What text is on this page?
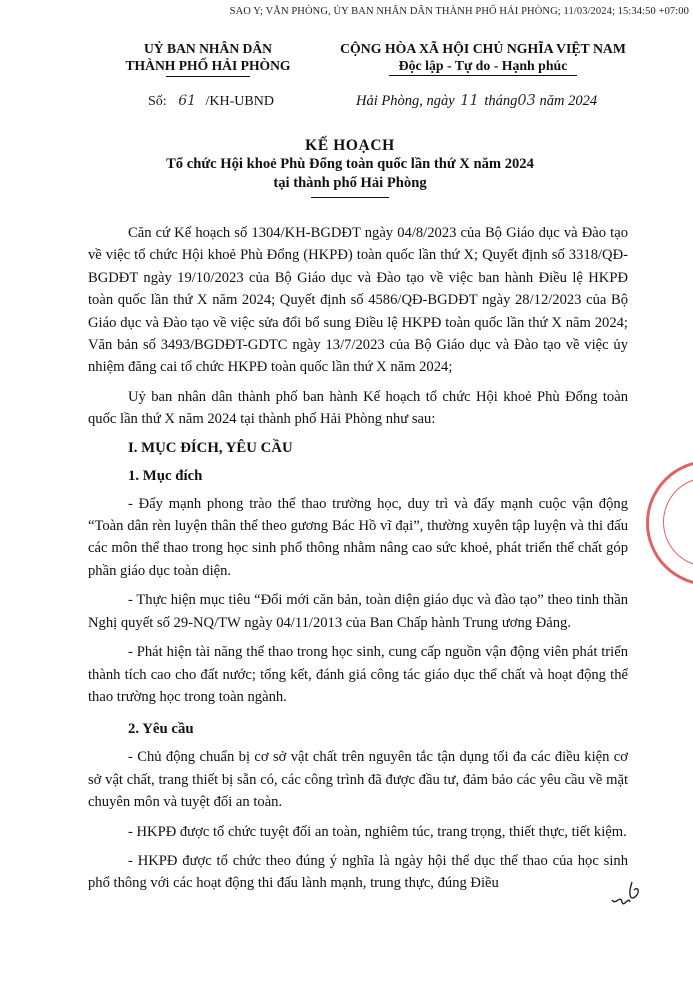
SAO Y; VĂN PHÒNG, ỦY BAN NHÂN DÂN THÀNH PHỐ HẢI PHÒNG; 11/03/2024; 15:34:50 +07:00
UỶ BAN NHÂN DÂN
THÀNH PHỐ HẢI PHÒNG
CỘNG HÒA XÃ HỘI CHỦ NGHĨA VIỆT NAM
Độc lập - Tự do - Hạnh phúc
Số: 61 /KH-UBND	Hải Phòng, ngày 11 tháng03 năm 2024
KẾ HOẠCH
Tổ chức Hội khoẻ Phù Đổng toàn quốc lần thứ X năm 2024
tại thành phố Hải Phòng

Căn cứ Kế hoạch số 1304/KH-BGDĐT ngày 04/8/2023 của Bộ Giáo dục và Đào tạo về việc tổ chức Hội khoẻ Phù Đổng (HKPĐ) toàn quốc lần thứ X; Quyết định số 3318/QĐ-BGDĐT ngày 19/10/2023 của Bộ Giáo dục và Đào tạo về việc ban hành Điều lệ HKPĐ toàn quốc lần thứ X năm 2024; Quyết định số 4586/QĐ-BGDĐT ngày 28/12/2023 của Bộ Giáo dục và Đào tạo về việc sửa đổi bổ sung Điều lệ HKPĐ toàn quốc lần thứ X năm 2024; Văn bản số 3493/BGDĐT-GDTC ngày 13/7/2023 của Bộ Giáo dục và Đào tạo về việc ủy nhiệm đăng cai tổ chức HKPĐ toàn quốc lần thứ X năm 2024;

Uỷ ban nhân dân thành phố ban hành Kế hoạch tổ chức Hội khoẻ Phù Đổng toàn quốc lần thứ X năm 2024 tại thành phố Hải Phòng như sau:

I. MỤC ĐÍCH, YÊU CẦU
1. Mục đích

- Đẩy mạnh phong trào thể thao trường học, duy trì và đẩy mạnh cuộc vận động “Toàn dân rèn luyện thân thể theo gương Bác Hồ vĩ đại”, thường xuyên tập luyện và thi đấu các môn thể thao trong học sinh phổ thông nhằm nâng cao sức khoẻ, phát triển thể chất góp phần giáo dục toàn diện.

- Thực hiện mục tiêu “Đổi mới căn bản, toàn diện giáo dục và đào tạo” theo tinh thần Nghị quyết số 29-NQ/TW ngày 04/11/2013 của Ban Chấp hành Trung ương Đảng.

- Phát hiện tài năng thể thao trong học sinh, cung cấp nguồn vận động viên phát triển thành tích cao cho đất nước; tổng kết, đánh giá công tác giáo dục thể chất và hoạt động thể thao trường học trong toàn ngành.

2. Yêu cầu

- Chủ động chuẩn bị cơ sở vật chất trên nguyên tắc tận dụng tối đa các điều kiện cơ sở vật chất, trang thiết bị sẵn có, các công trình đã được đầu tư, đảm bảo các yêu cầu về mặt chuyên môn và tuyệt đối an toàn.

- HKPĐ được tổ chức tuyệt đối an toàn, nghiêm túc, trang trọng, thiết thực, tiết kiệm.

- HKPĐ được tổ chức theo đúng ý nghĩa là ngày hội thể dục thể thao của học sinh phổ thông với các hoạt động thi đấu lành mạnh, trung thực, đúng Điều
